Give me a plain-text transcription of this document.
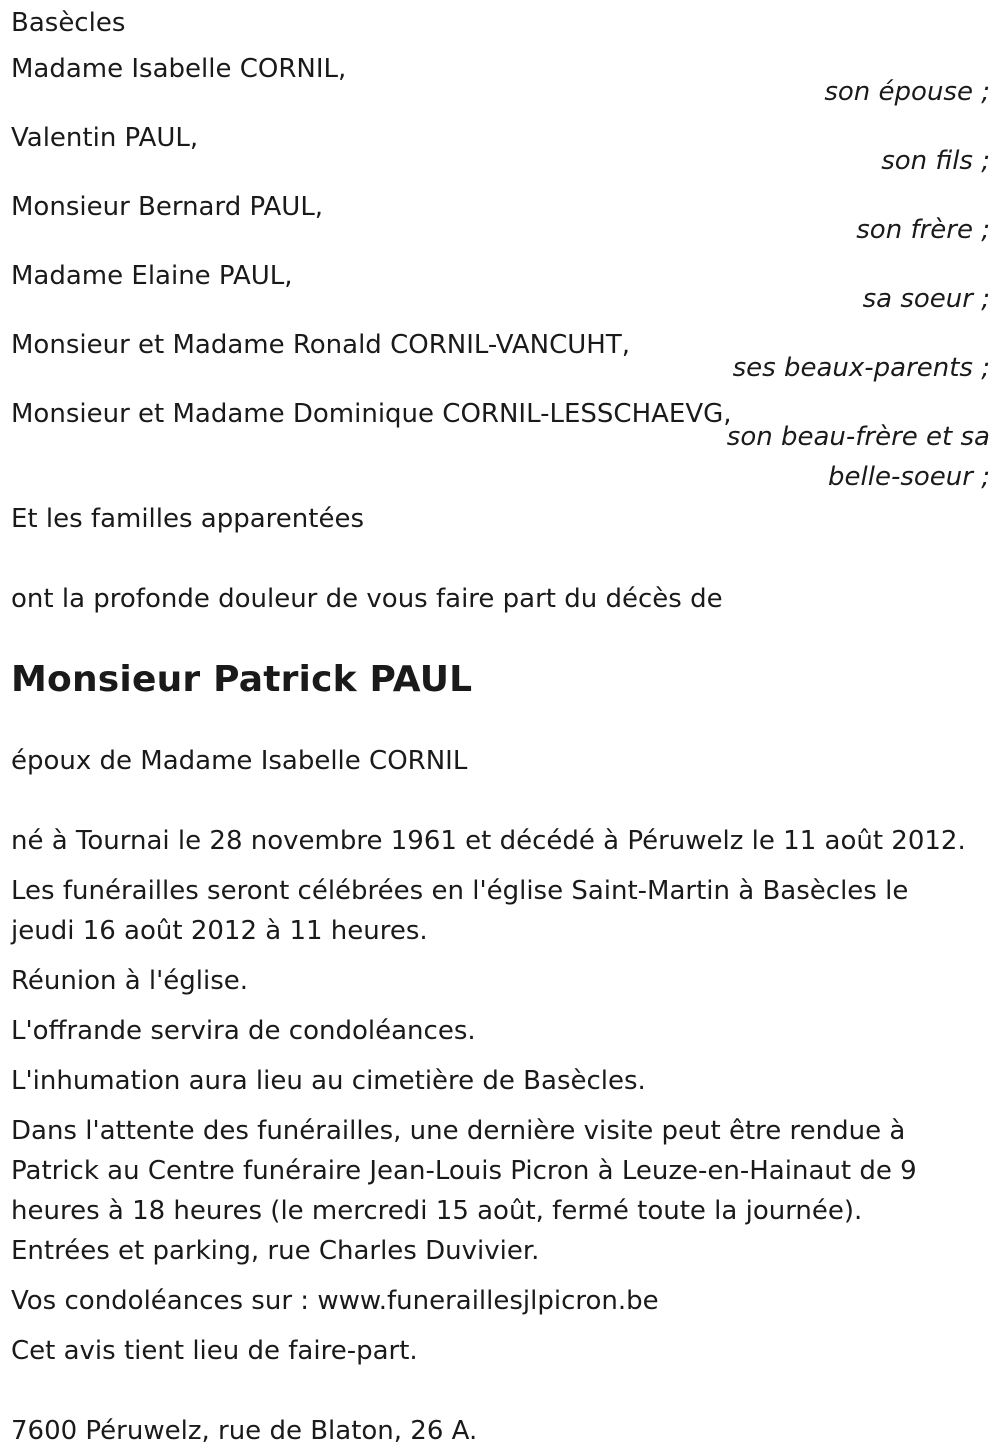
Basècles
Madame Isabelle CORNIL,
son épouse ;
Valentin PAUL,
son fils ;
Monsieur Bernard PAUL,
son frère ;
Madame Elaine PAUL,
sa soeur ;
Monsieur et Madame Ronald CORNIL-VANCUHT,
ses beaux-parents ;
Monsieur et Madame Dominique CORNIL-LESSCHAEVG,
son beau-frère et sa
belle-soeur ;
Et les familles apparentées
ont la profonde douleur de vous faire part du décès de
Monsieur Patrick PAUL
époux de Madame Isabelle CORNIL
né à Tournai le 28 novembre 1961 et décédé à Péruwelz le 11 août 2012.
Les funérailles seront célébrées en l'église Saint-Martin à Basècles le jeudi 16 août 2012 à 11 heures.
Réunion à l'église.
L'offrande servira de condoléances.
L'inhumation aura lieu au cimetière de Basècles.
Dans l'attente des funérailles, une dernière visite peut être rendue à Patrick au Centre funéraire Jean-Louis Picron à Leuze-en-Hainaut de 9 heures à 18 heures (le mercredi 15 août, fermé toute la journée). Entrées et parking, rue Charles Duvivier.
Vos condoléances sur : www.funeraillesjlpicron.be
Cet avis tient lieu de faire-part.
7600 Péruwelz, rue de Blaton, 26 A.
